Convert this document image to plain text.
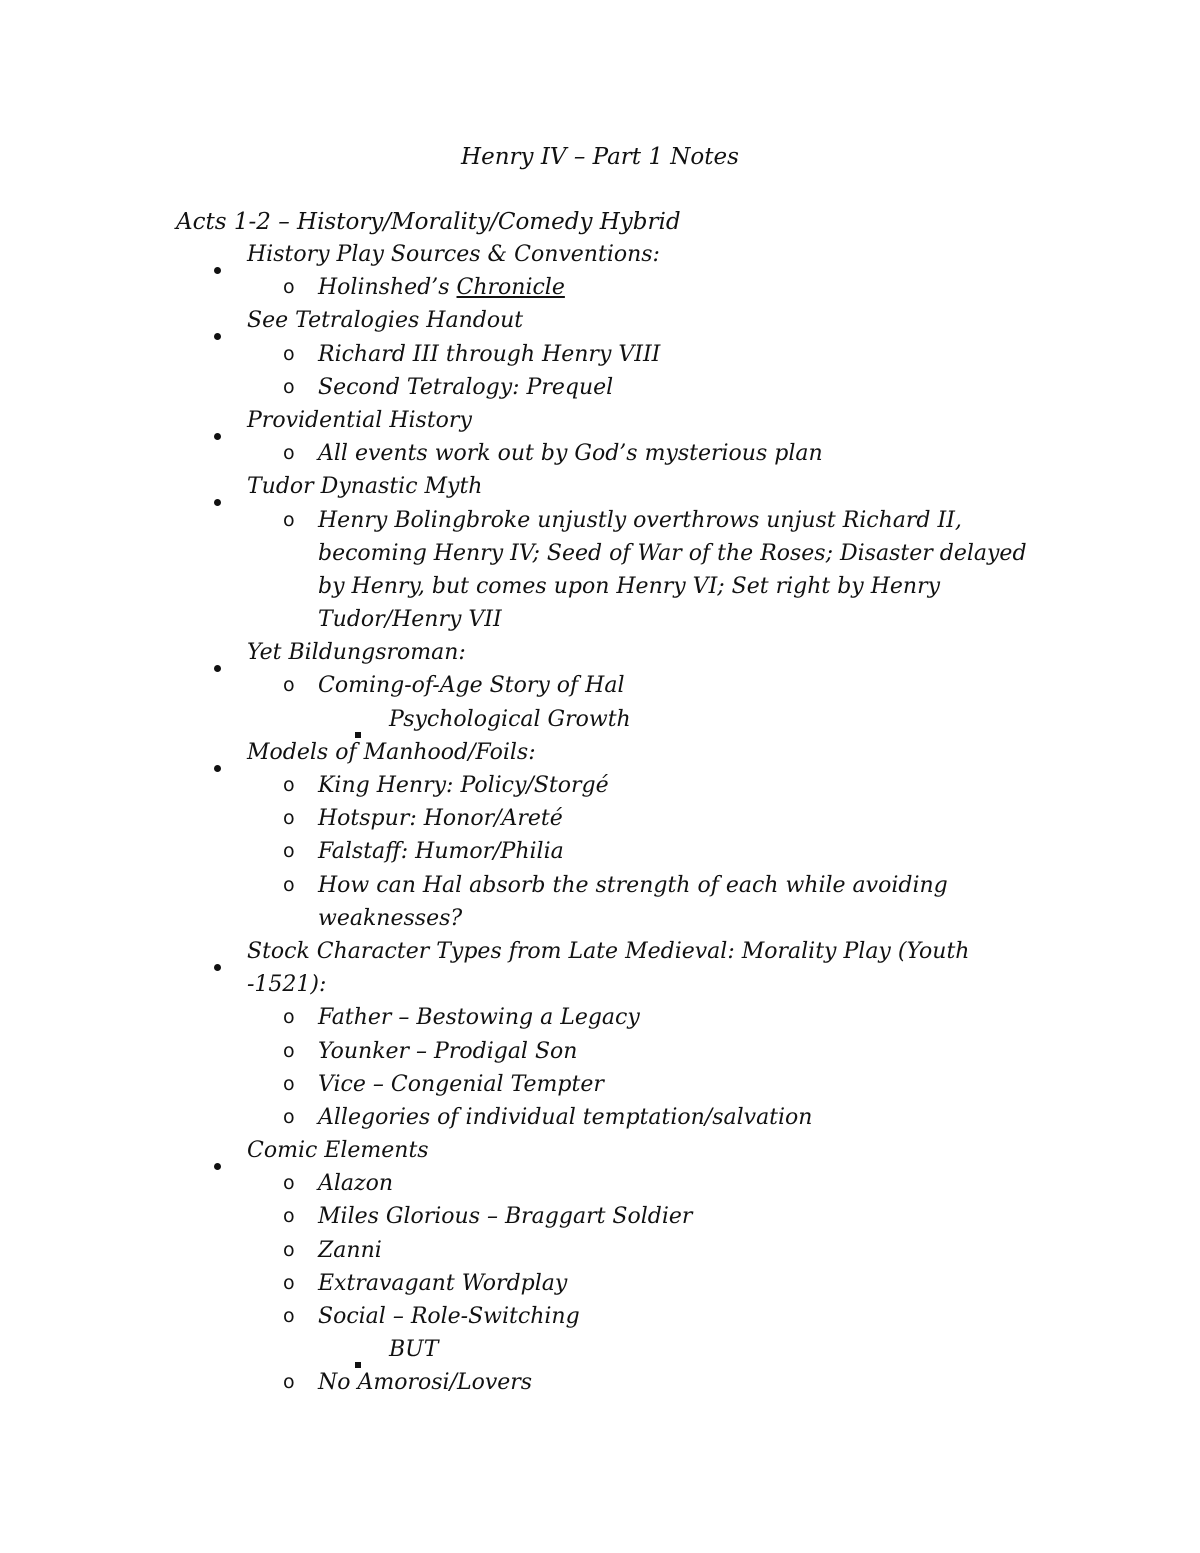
Henry IV – Part 1 Notes
Acts 1-2 – History/Morality/Comedy Hybrid
History Play Sources & Conventions:
o Holinshed’s Chronicle
See Tetralogies Handout
o Richard III through Henry VIII
o Second Tetralogy: Prequel
Providential History
o All events work out by God’s mysterious plan
Tudor Dynastic Myth
o Henry Bolingbroke unjustly overthrows unjust Richard II,
becoming Henry IV; Seed of War of the Roses; Disaster delayed
by Henry, but comes upon Henry VI; Set right by Henry
Tudor/Henry VII
Yet Bildungsroman:
o Coming-of-Age Story of Hal
Psychological Growth
Models of Manhood/Foils:
o King Henry: Policy/Storgé
o Hotspur: Honor/Areté
o Falstaff: Humor/Philia
o How can Hal absorb the strength of each while avoiding
weaknesses?
Stock Character Types from Late Medieval: Morality Play (Youth
-1521):
o Father – Bestowing a Legacy
o Younker – Prodigal Son
o Vice – Congenial Tempter
o Allegories of individual temptation/salvation
Comic Elements
o Alazon
o Miles Glorious – Braggart Soldier
o Zanni
o Extravagant Wordplay
o Social – Role-Switching
BUT
o No Amorosi/Lovers
